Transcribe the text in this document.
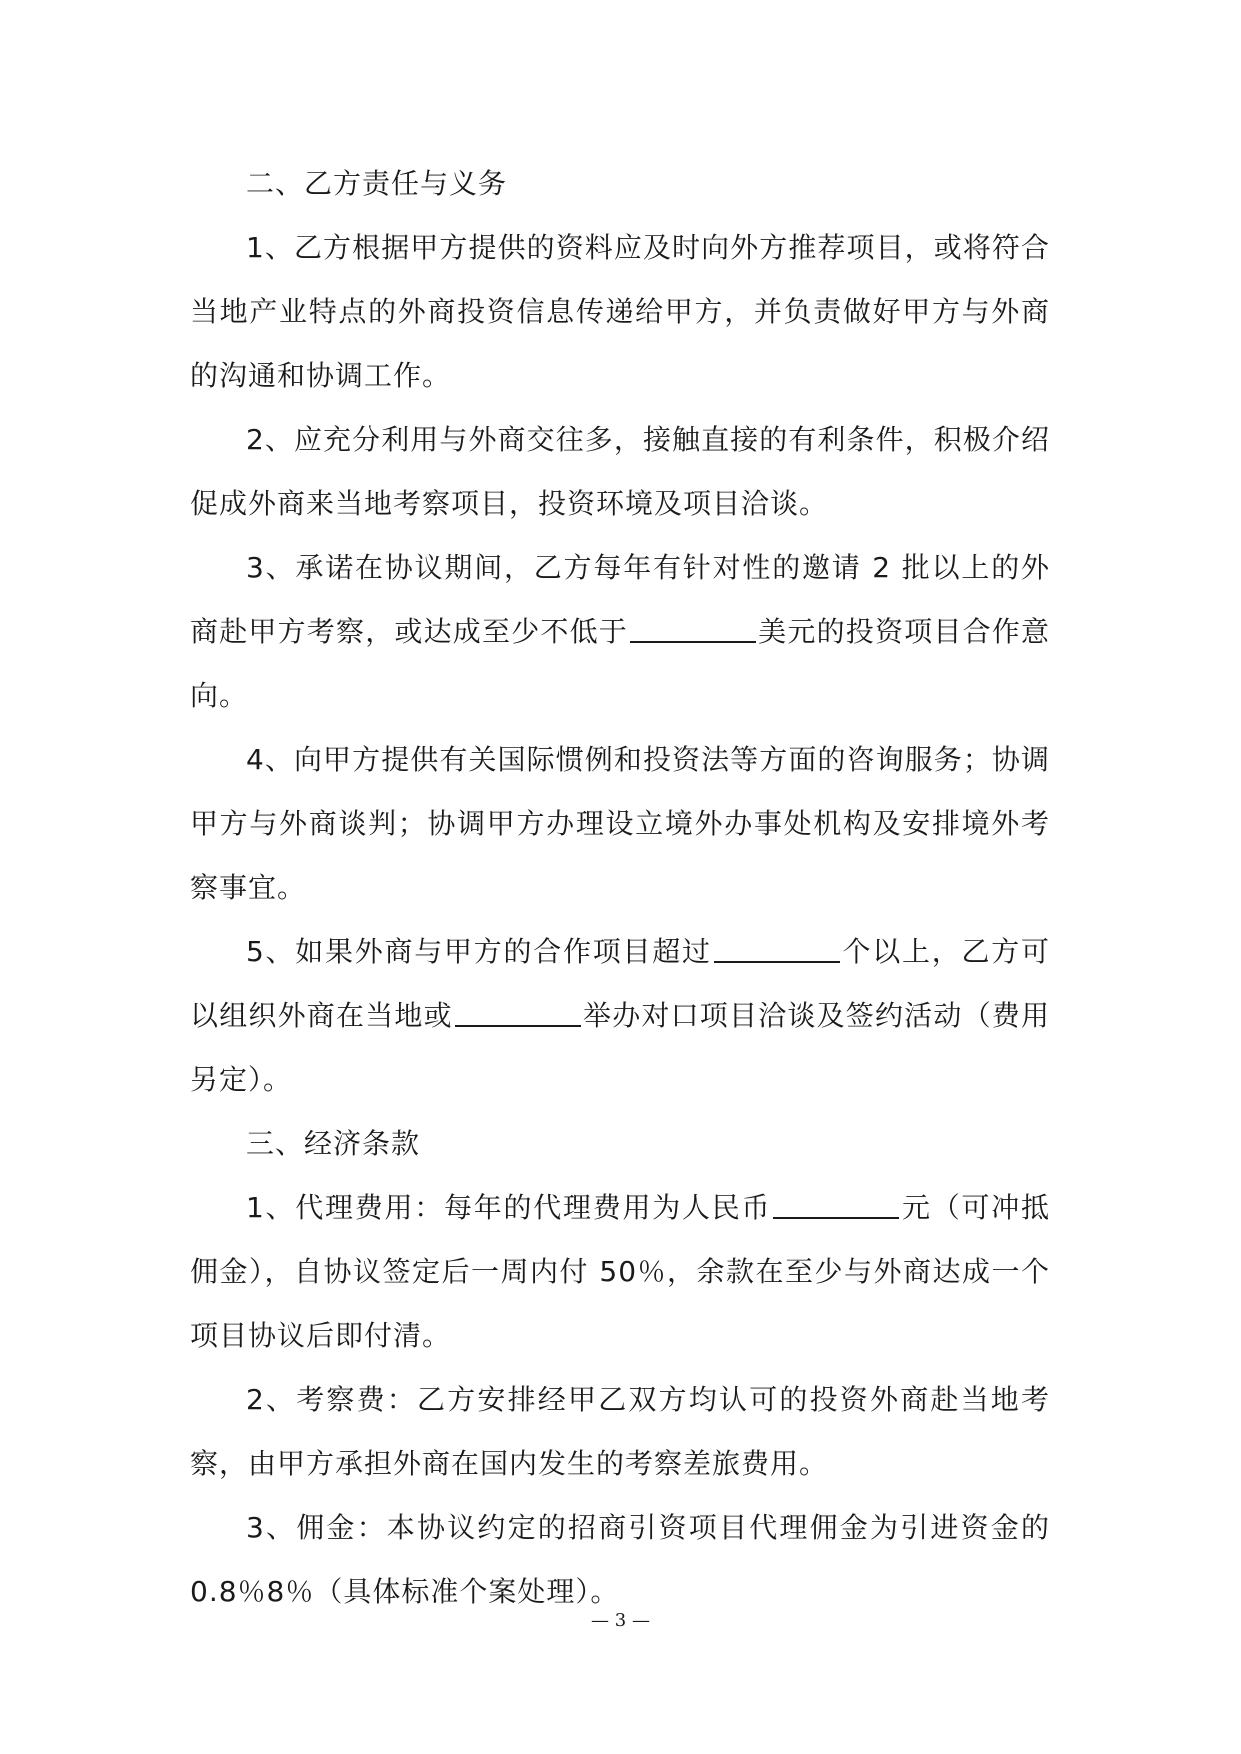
二、乙方责任与义务

1、乙方根据甲方提供的资料应及时向外方推荐项目，或将符合当地产业特点的外商投资信息传递给甲方，并负责做好甲方与外商的沟通和协调工作。

2、应充分利用与外商交往多，接触直接的有利条件，积极介绍促成外商来当地考察项目，投资环境及项目洽谈。

3、承诺在协议期间，乙方每年有针对性的邀请 2 批以上的外商赴甲方考察，或达成至少不低于	美元的投资项目合作意向。

4、向甲方提供有关国际惯例和投资法等方面的咨询服务；协调甲方与外商谈判；协调甲方办理设立境外办事处机构及安排境外考察事宜。

5、如果外商与甲方的合作项目超过	个以上，乙方可以组织外商在当地或	举办对口项目洽谈及签约活动（费用另定）。

三、经济条款

1、代理费用：每年的代理费用为人民币	元（可冲抵佣金），自协议签定后一周内付 50％，余款在至少与外商达成一个项目协议后即付清。

2、考察费：乙方安排经甲乙双方均认可的投资外商赴当地考察，由甲方承担外商在国内发生的考察差旅费用。

3、佣金：本协议约定的招商引资项目代理佣金为引进资金的 0.8％8％（具体标准个案处理）。

— 3 —
